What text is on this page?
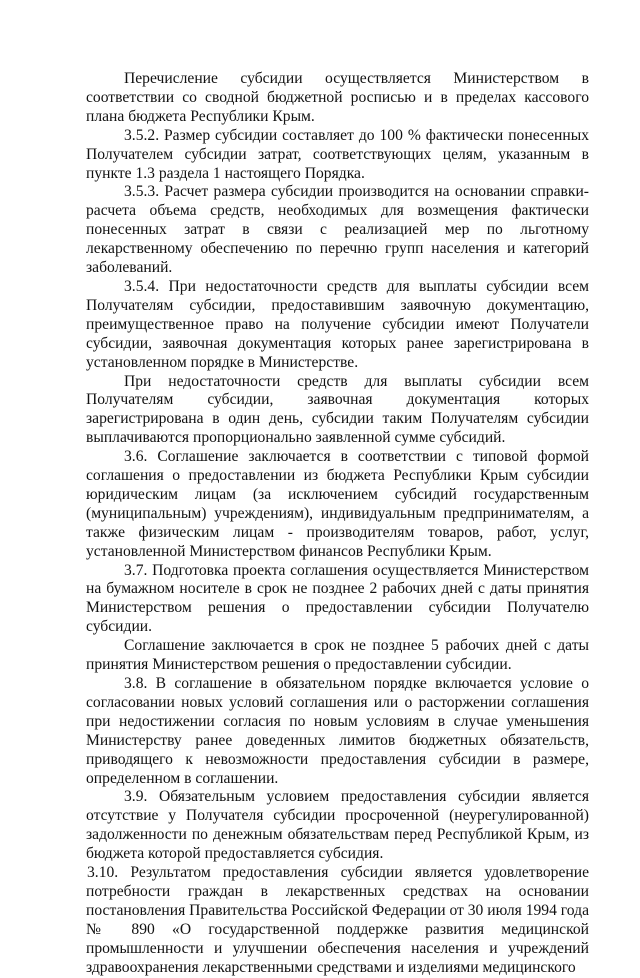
Перечисление субсидии осуществляется Министерством в соответствии со сводной бюджетной росписью и в пределах кассового плана бюджета Республики Крым.

3.5.2. Размер субсидии составляет до 100 % фактически понесенных Получателем субсидии затрат, соответствующих целям, указанным в пункте 1.3 раздела 1 настоящего Порядка.

3.5.3. Расчет размера субсидии производится на основании справки-расчета объема средств, необходимых для возмещения фактически понесенных затрат в связи с реализацией мер по льготному лекарственному обеспечению по перечню групп населения и категорий заболеваний.

3.5.4. При недостаточности средств для выплаты субсидии всем Получателям субсидии, предоставившим заявочную документацию, преимущественное право на получение субсидии имеют Получатели субсидии, заявочная документация которых ранее зарегистрирована в установленном порядке в Министерстве.

При недостаточности средств для выплаты субсидии всем Получателям субсидии, заявочная документация которых зарегистрирована в один день, субсидии таким Получателям субсидии выплачиваются пропорционально заявленной сумме субсидий.

3.6. Соглашение заключается в соответствии с типовой формой соглашения о предоставлении из бюджета Республики Крым субсидии юридическим лицам (за исключением субсидий государственным (муниципальным) учреждениям), индивидуальным предпринимателям, а также физическим лицам - производителям товаров, работ, услуг, установленной Министерством финансов Республики Крым.

3.7. Подготовка проекта соглашения осуществляется Министерством на бумажном носителе в срок не позднее 2 рабочих дней с даты принятия Министерством решения о предоставлении субсидии Получателю субсидии.

Соглашение заключается в срок не позднее 5 рабочих дней с даты принятия Министерством решения о предоставлении субсидии.

3.8. В соглашение в обязательном порядке включается условие о согласовании новых условий соглашения или о расторжении соглашения при недостижении согласия по новым условиям в случае уменьшения Министерству ранее доведенных лимитов бюджетных обязательств, приводящего к невозможности предоставления субсидии в размере, определенном в соглашении.

3.9. Обязательным условием предоставления субсидии является отсутствие у Получателя субсидии просроченной (неурегулированной) задолженности по денежным обязательствам перед Республикой Крым, из бюджета которой предоставляется субсидия.

3.10. Результатом предоставления субсидии является удовлетворение потребности граждан в лекарственных средствах на основании постановления Правительства Российской Федерации от 30 июля 1994 года № 890 «О государственной поддержке развития медицинской промышленности и улучшении обеспечения населения и учреждений здравоохранения лекарственными средствами и изделиями медицинского
